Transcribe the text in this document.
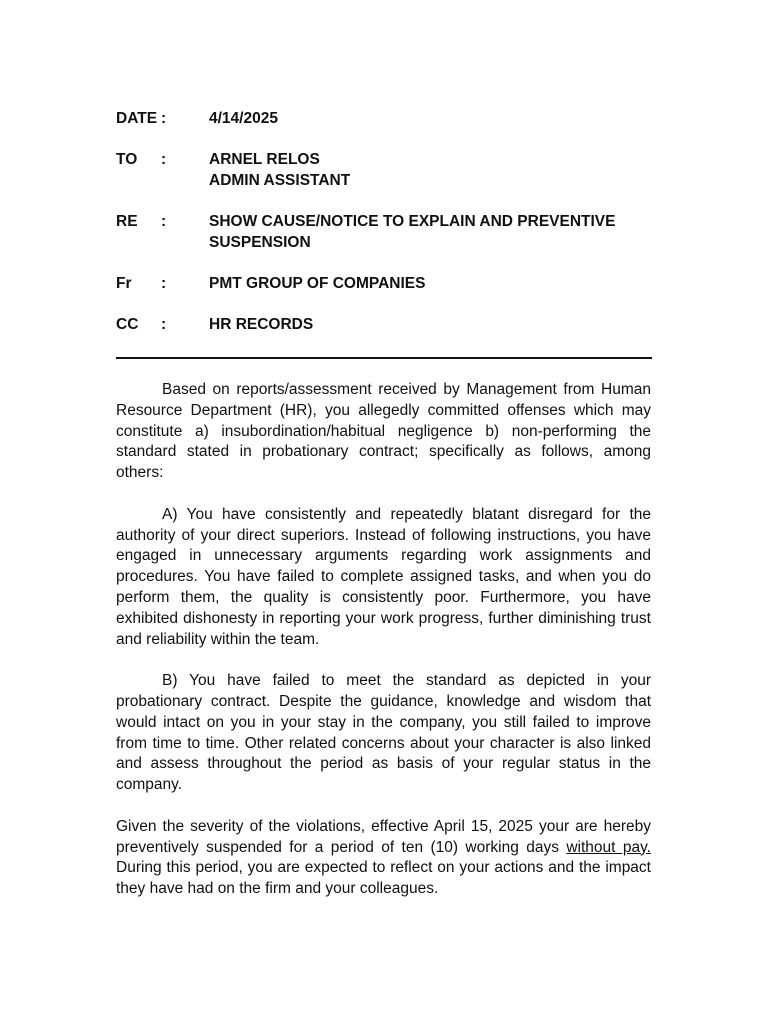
DATE :	4/14/2025
TO	:	ARNEL RELOS
ADMIN ASSISTANT
RE	:	SHOW CAUSE/NOTICE TO EXPLAIN AND PREVENTIVE
SUSPENSION
Fr	:	PMT GROUP OF COMPANIES
CC	:	HR RECORDS

Based on reports/assessment received by Management from Human Resource Department (HR), you allegedly committed offenses which may constitute a) insubordination/habitual negligence b) non-performing the standard stated in probationary contract; specifically as follows, among others:

A) You have consistently and repeatedly blatant disregard for the authority of your direct superiors. Instead of following instructions, you have engaged in unnecessary arguments regarding work assignments and procedures. You have failed to complete assigned tasks, and when you do perform them, the quality is consistently poor. Furthermore, you have exhibited dishonesty in reporting your work progress, further diminishing trust and reliability within the team.

B) You have failed to meet the standard as depicted in your probationary contract. Despite the guidance, knowledge and wisdom that would intact on you in your stay in the company, you still failed to improve from time to time. Other related concerns about your character is also linked and assess throughout the period as basis of your regular status in the company.

Given the severity of the violations, effective April 15, 2025 your are hereby preventively suspended for a period of ten (10) working days without pay. During this period, you are expected to reflect on your actions and the impact they have had on the firm and your colleagues.
